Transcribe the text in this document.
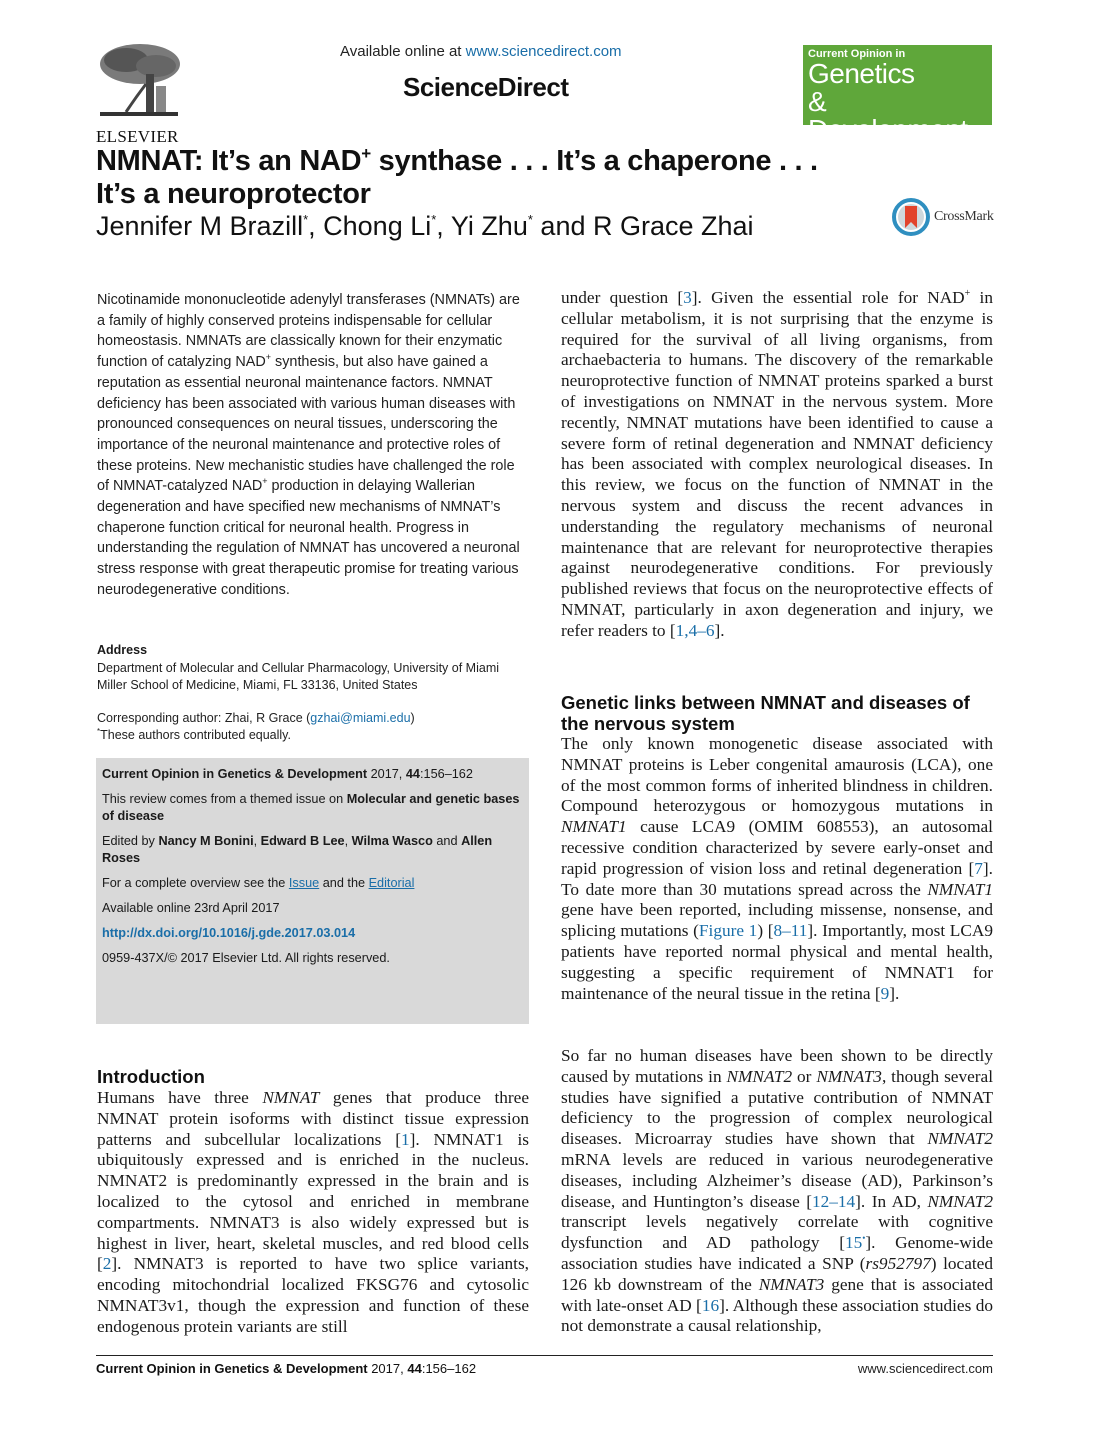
ELSEVIER
Available online at www.sciencedirect.com
ScienceDirect
Current Opinion in
Genetics
& Development
NMNAT: It’s an NAD+ synthase . . . It’s a chaperone . . .
It’s a neuroprotector
Jennifer M Brazill*, Chong Li*, Yi Zhu* and R Grace Zhai	CrossMark
Nicotinamide mononucleotide adenylyl transferases (NMNATs) are a family of highly conserved proteins indispensable for cellular homeostasis. NMNATs are classically known for their enzymatic function of catalyzing NAD+ synthesis, but also have gained a reputation as essential neuronal maintenance factors. NMNAT deficiency has been associated with various human diseases with pronounced consequences on neural tissues, underscoring the importance of the neuronal maintenance and protective roles of these proteins. New mechanistic studies have challenged the role of NMNAT-catalyzed NAD+ production in delaying Wallerian degeneration and have specified new mechanisms of NMNAT’s chaperone function critical for neuronal health. Progress in understanding the regulation of NMNAT has uncovered a neuronal stress response with great therapeutic promise for treating various neurodegenerative conditions.
Address
Department of Molecular and Cellular Pharmacology, University of Miami Miller School of Medicine, Miami, FL 33136, United States
Corresponding author: Zhai, R Grace (gzhai@miami.edu)
*These authors contributed equally.

Current Opinion in Genetics & Development 2017, 44:156–162

This review comes from a themed issue on Molecular and genetic bases of disease

Edited by Nancy M Bonini, Edward B Lee, Wilma Wasco and Allen Roses

For a complete overview see the Issue and the Editorial

Available online 23rd April 2017

http://dx.doi.org/10.1016/j.gde.2017.03.014

0959-437X/© 2017 Elsevier Ltd. All rights reserved.

Introduction
Humans have three NMNAT genes that produce three NMNAT protein isoforms with distinct tissue expression patterns and subcellular localizations [1]. NMNAT1 is ubiquitously expressed and is enriched in the nucleus. NMNAT2 is predominantly expressed in the brain and is localized to the cytosol and enriched in membrane compartments. NMNAT3 is also widely expressed but is highest in liver, heart, skeletal muscles, and red blood cells [2]. NMNAT3 is reported to have two splice variants, encoding mitochondrial localized FKSG76 and cytosolic NMNAT3v1, though the expression and function of these endogenous protein variants are still
under question [3]. Given the essential role for NAD+ in cellular metabolism, it is not surprising that the enzyme is required for the survival of all living organisms, from archaebacteria to humans. The discovery of the remarkable neuroprotective function of NMNAT proteins sparked a burst of investigations on NMNAT in the nervous system. More recently, NMNAT mutations have been identified to cause a severe form of retinal degeneration and NMNAT deficiency has been associated with complex neurological diseases. In this review, we focus on the function of NMNAT in the nervous system and discuss the recent advances in understanding the regulatory mechanisms of neuronal maintenance that are relevant for neuroprotective therapies against neurodegenerative conditions. For previously published reviews that focus on the neuroprotective effects of NMNAT, particularly in axon degeneration and injury, we refer readers to [1,4–6].
Genetic links between NMNAT and diseases of the nervous system
The only known monogenetic disease associated with NMNAT proteins is Leber congenital amaurosis (LCA), one of the most common forms of inherited blindness in children. Compound heterozygous or homozygous mutations in NMNAT1 cause LCA9 (OMIM 608553), an autosomal recessive condition characterized by severe early-onset and rapid progression of vision loss and retinal degeneration [7]. To date more than 30 mutations spread across the NMNAT1 gene have been reported, including missense, nonsense, and splicing mutations (Figure 1) [8–11]. Importantly, most LCA9 patients have reported normal physical and mental health, suggesting a specific requirement of NMNAT1 for maintenance of the neural tissue in the retina [9].
So far no human diseases have been shown to be directly caused by mutations in NMNAT2 or NMNAT3, though several studies have signified a putative contribution of NMNAT deficiency to the progression of complex neurological diseases. Microarray studies have shown that NMNAT2 mRNA levels are reduced in various neurodegenerative diseases, including Alzheimer’s disease (AD), Parkinson’s disease, and Huntington’s disease [12–14]. In AD, NMNAT2 transcript levels negatively correlate with cognitive dysfunction and AD pathology [15•]. Genome-wide association studies have indicated a SNP (rs952797) located 126 kb downstream of the NMNAT3 gene that is associated with late-onset AD [16]. Although these association studies do not demonstrate a causal relationship,
Current Opinion in Genetics & Development 2017, 44:156–162	www.sciencedirect.com
